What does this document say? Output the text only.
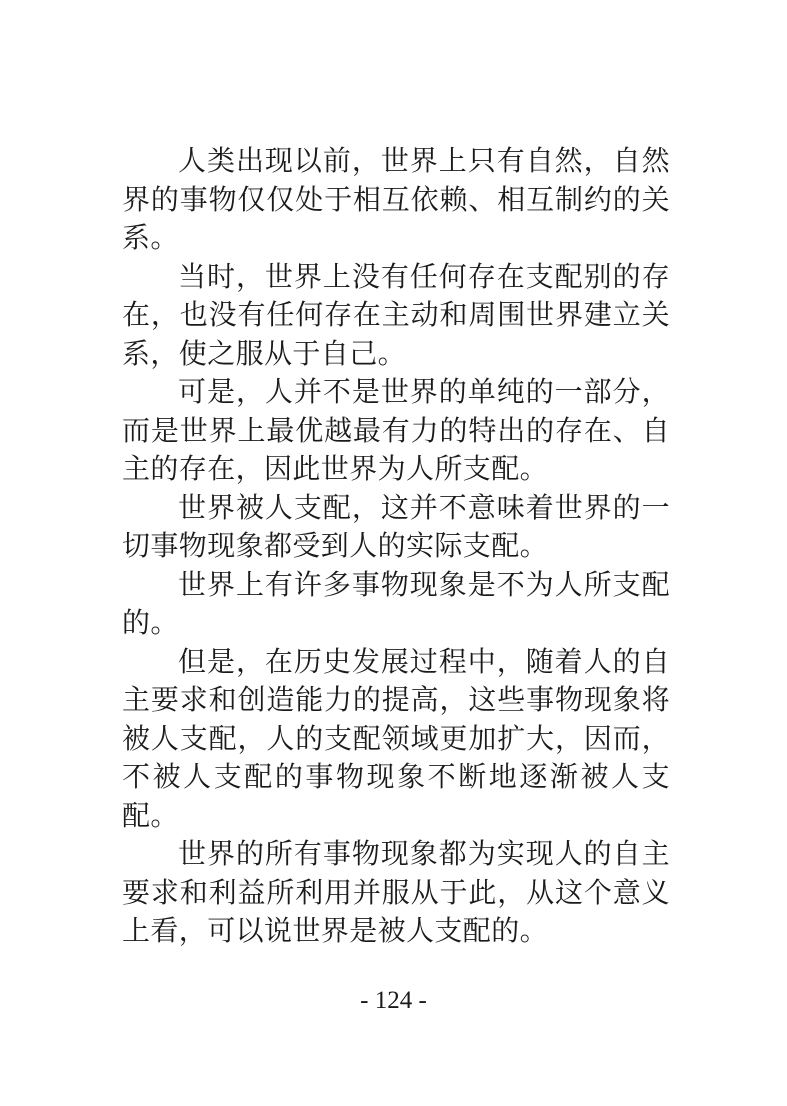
人类出现以前，世界上只有自然，自然界的事物仅仅处于相互依赖、相互制约的关系。

当时，世界上没有任何存在支配别的存在，也没有任何存在主动和周围世界建立关系，使之服从于自己。

可是，人并不是世界的单纯的一部分，而是世界上最优越最有力的特出的存在、自主的存在，因此世界为人所支配。

世界被人支配，这并不意味着世界的一切事物现象都受到人的实际支配。

世界上有许多事物现象是不为人所支配的。

但是，在历史发展过程中，随着人的自主要求和创造能力的提高，这些事物现象将被人支配，人的支配领域更加扩大，因而，不被人支配的事物现象不断地逐渐被人支配。

世界的所有事物现象都为实现人的自主要求和利益所利用并服从于此，从这个意义上看，可以说世界是被人支配的。

- 124 -
